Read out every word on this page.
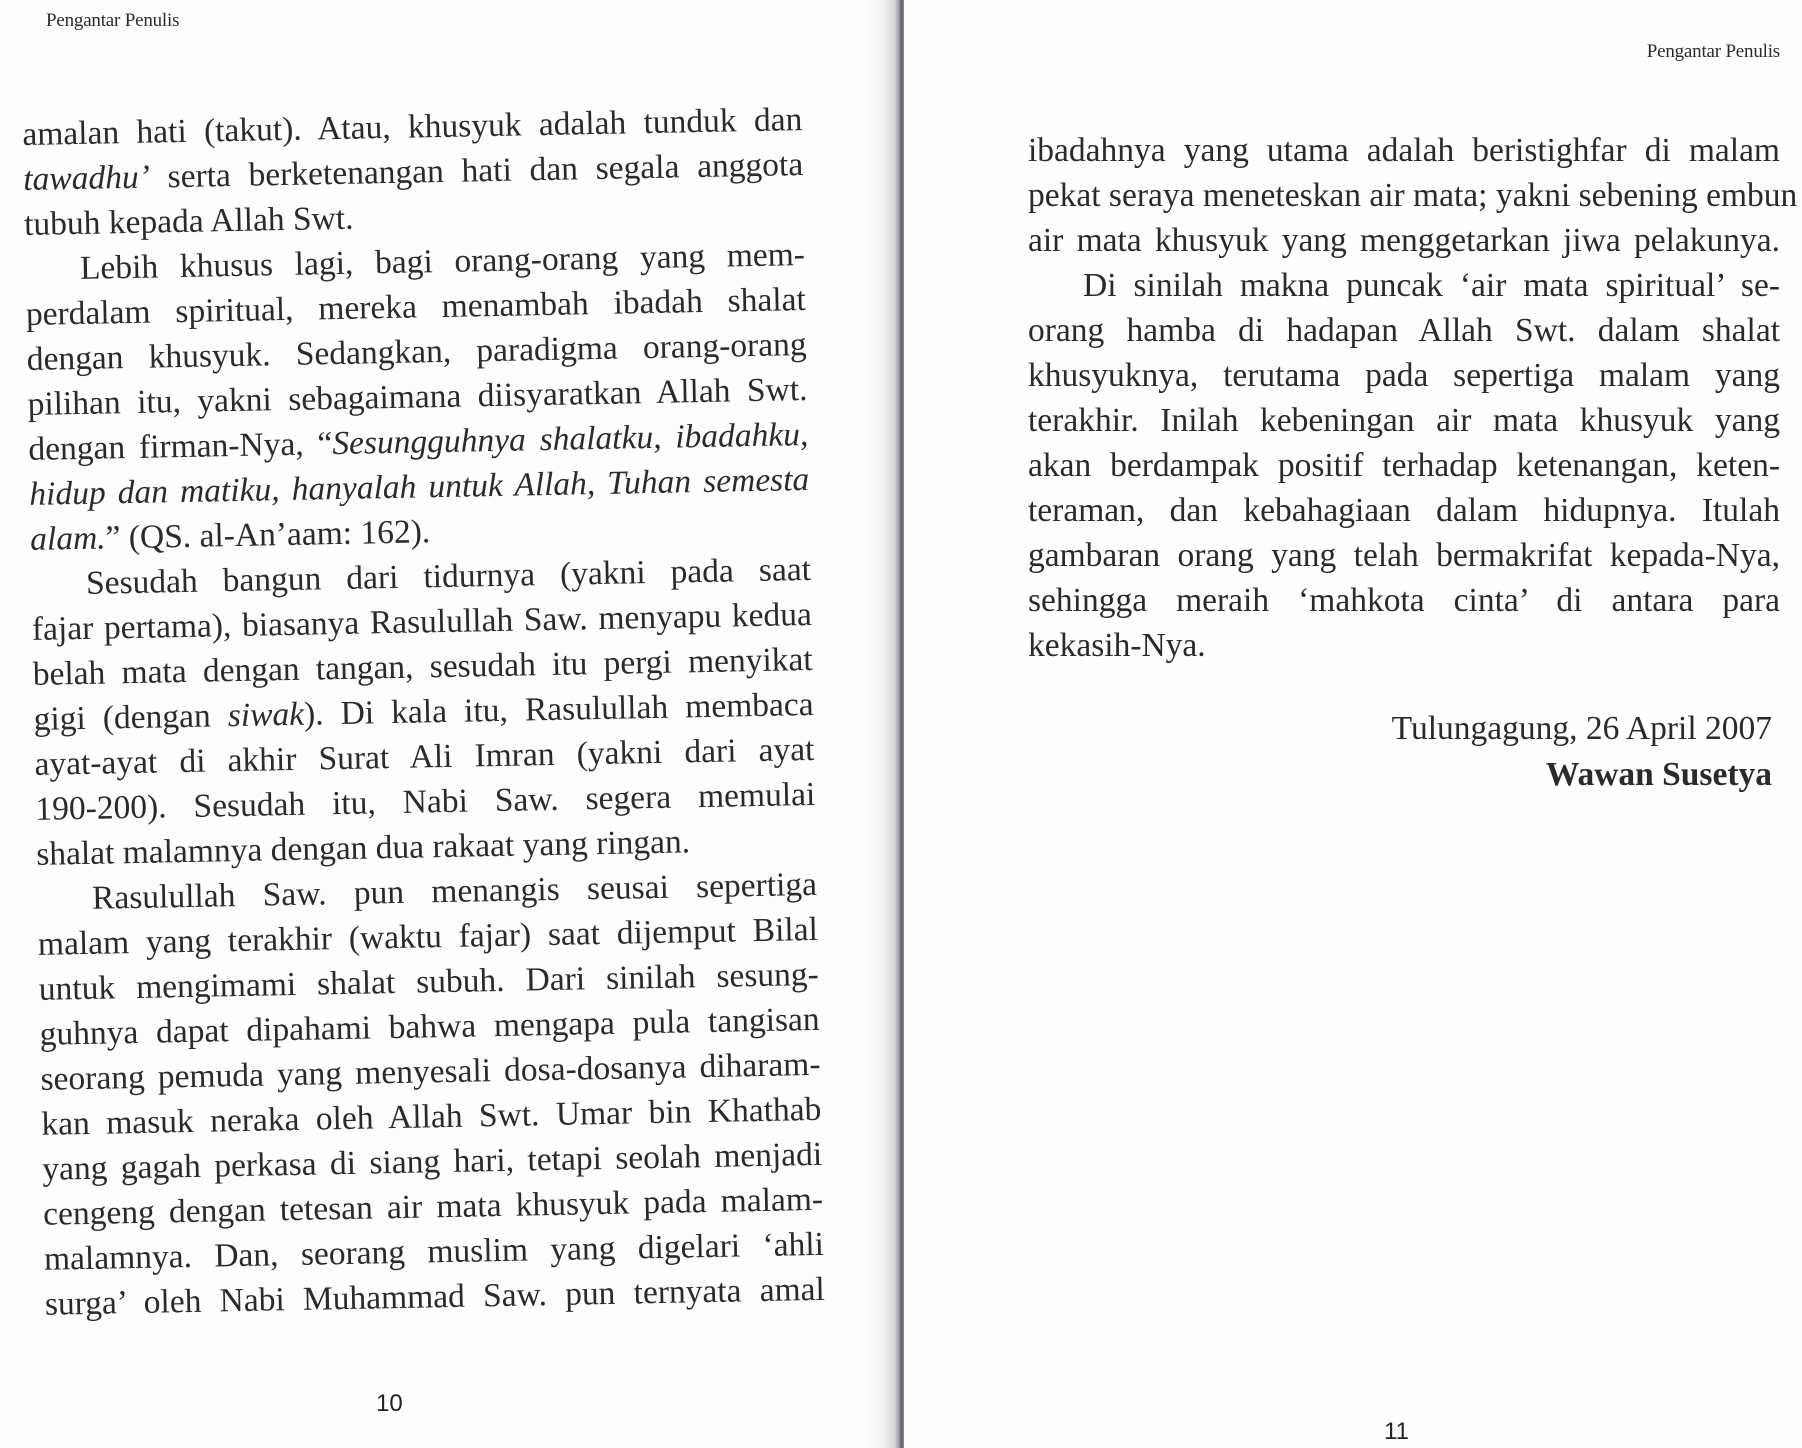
Pengantar Penulis
amalan hati (takut). Atau, khusyuk adalah tunduk dan
tawadhu’ serta berketenangan hati dan segala anggota
tubuh kepada Allah Swt.
Lebih khusus lagi, bagi orang-orang yang mem-
perdalam spiritual, mereka menambah ibadah shalat
dengan khusyuk. Sedangkan, paradigma orang-orang
pilihan itu, yakni sebagaimana diisyaratkan Allah Swt.
dengan firman-Nya, “Sesungguhnya shalatku, ibadahku,
hidup dan matiku, hanyalah untuk Allah, Tuhan semesta
alam.” (QS. al-An’aam: 162).
Sesudah bangun dari tidurnya (yakni pada saat
fajar pertama), biasanya Rasulullah Saw. menyapu kedua
belah mata dengan tangan, sesudah itu pergi menyikat
gigi (dengan siwak). Di kala itu, Rasulullah membaca
ayat-ayat di akhir Surat Ali Imran (yakni dari ayat
190-200). Sesudah itu, Nabi Saw. segera memulai
shalat malamnya dengan dua rakaat yang ringan.
Rasulullah Saw. pun menangis seusai sepertiga
malam yang terakhir (waktu fajar) saat dijemput Bilal
untuk mengimami shalat subuh. Dari sinilah sesung-
guhnya dapat dipahami bahwa mengapa pula tangisan
seorang pemuda yang menyesali dosa-dosanya diharam-
kan masuk neraka oleh Allah Swt. Umar bin Khathab
yang gagah perkasa di siang hari, tetapi seolah menjadi
cengeng dengan tetesan air mata khusyuk pada malam-
malamnya. Dan, seorang muslim yang digelari ‘ahli
surga’ oleh Nabi Muhammad Saw. pun ternyata amal
10
Pengantar Penulis
ibadahnya yang utama adalah beristighfar di malam
pekat seraya meneteskan air mata; yakni sebening embun
air mata khusyuk yang menggetarkan jiwa pelakunya.
Di sinilah makna puncak ‘air mata spiritual’ se-
orang hamba di hadapan Allah Swt. dalam shalat
khusyuknya, terutama pada sepertiga malam yang
terakhir. Inilah kebeningan air mata khusyuk yang
akan berdampak positif terhadap ketenangan, keten-
teraman, dan kebahagiaan dalam hidupnya. Itulah
gambaran orang yang telah bermakrifat kepada-Nya,
sehingga meraih ‘mahkota cinta’ di antara para
kekasih-Nya.
Tulungagung, 26 April 2007
Wawan Susetya
11
